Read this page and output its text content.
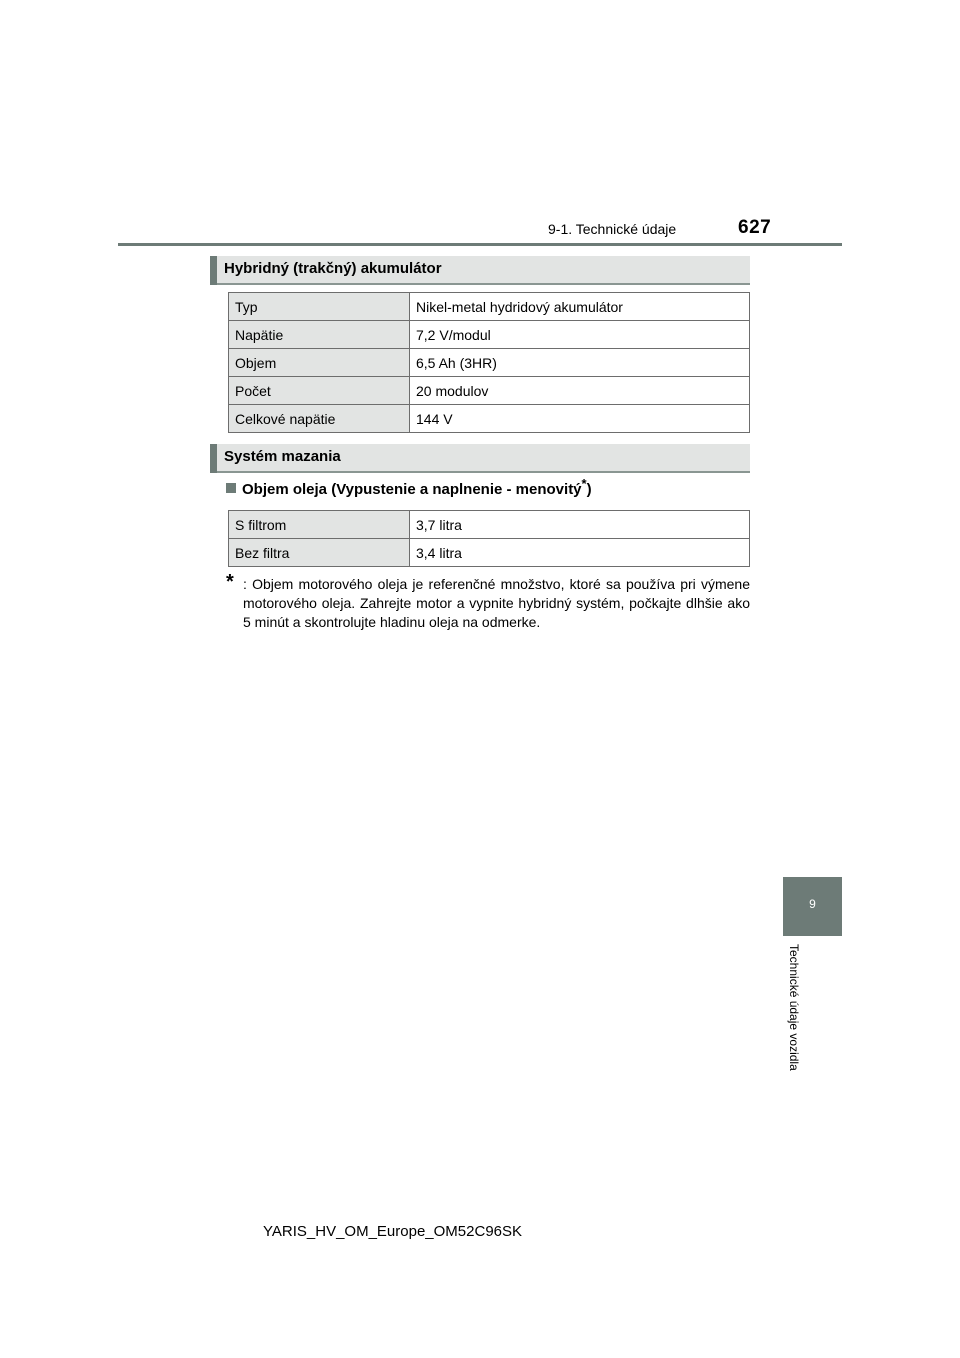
9-1. Technické údaje	627
Hybridný (trakčný) akumulátor
Typ	Nikel-metal hydridový akumulátor
Napätie	7,2 V/modul
Objem	6,5 Ah (3HR)
Počet	20 modulov
Celkové napätie	144 V
Systém mazania
Objem oleja (Vypustenie a naplnenie - menovitý*)
S filtrom	3,7 litra
Bez filtra	3,4 litra
* : Objem motorového oleja je referenčné množstvo, ktoré sa používa pri výmene motorového oleja. Zahrejte motor a vypnite hybridný systém, počkajte dlhšie ako 5 minút a skontrolujte hladinu oleja na odmerke.
9
Technické údaje vozidla
YARIS_HV_OM_Europe_OM52C96SK
